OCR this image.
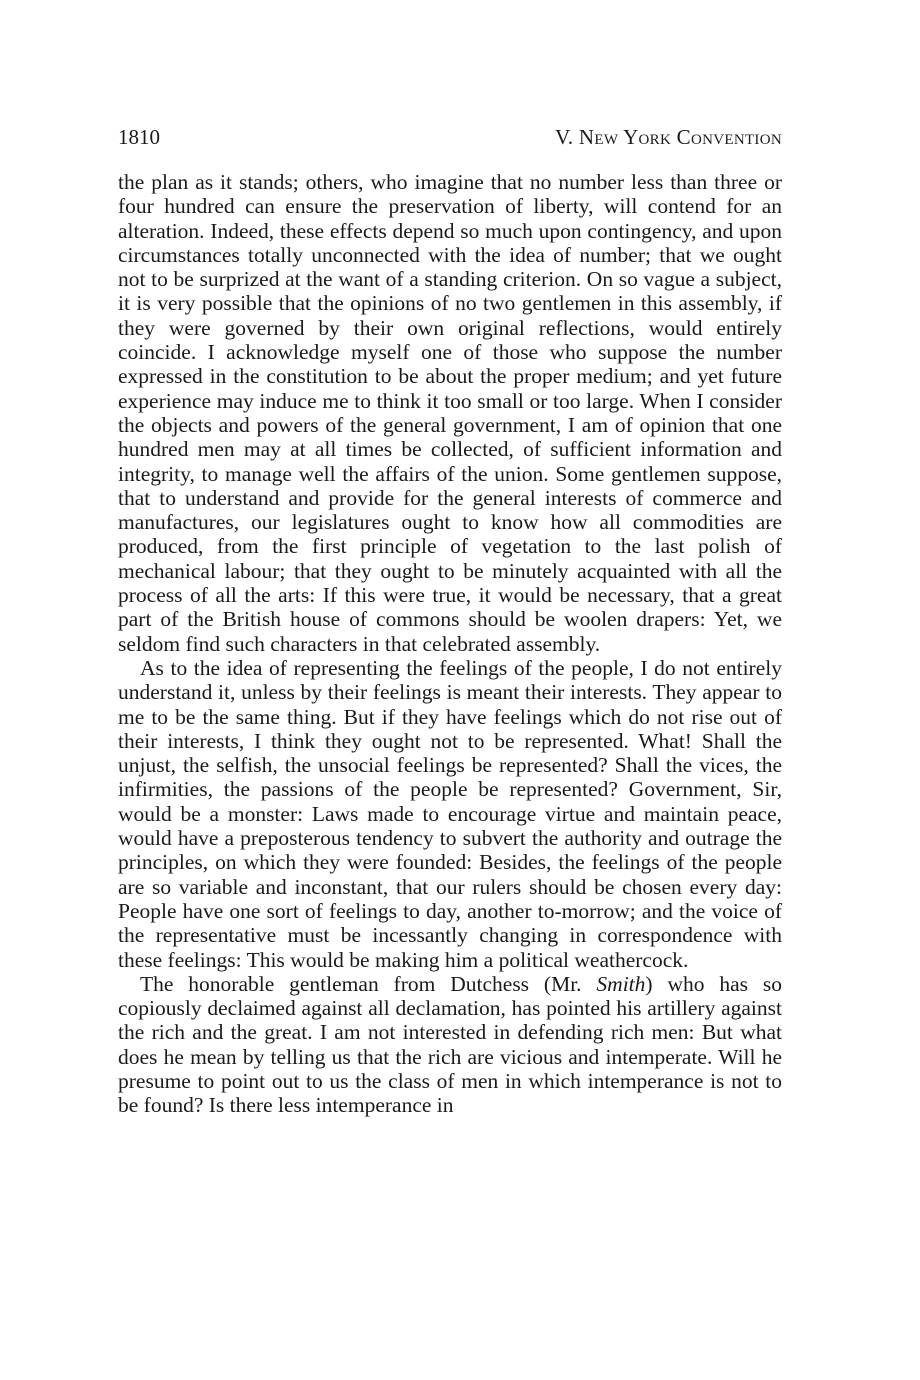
1810	V. New York Convention

the plan as it stands; others, who imagine that no number less than three or four hundred can ensure the preservation of liberty, will contend for an alteration. Indeed, these effects depend so much upon contingency, and upon circumstances totally unconnected with the idea of number; that we ought not to be surprized at the want of a standing criterion. On so vague a subject, it is very possible that the opinions of no two gentlemen in this assembly, if they were governed by their own original reflections, would entirely coincide. I acknowledge myself one of those who suppose the number expressed in the constitution to be about the proper medium; and yet future experience may induce me to think it too small or too large. When I consider the objects and powers of the general government, I am of opinion that one hundred men may at all times be collected, of sufficient information and integrity, to manage well the affairs of the union. Some gentlemen suppose, that to understand and provide for the general interests of commerce and manufactures, our legislatures ought to know how all commodities are produced, from the first principle of vegetation to the last polish of mechanical labour; that they ought to be minutely acquainted with all the process of all the arts: If this were true, it would be necessary, that a great part of the British house of commons should be woolen drapers: Yet, we seldom find such characters in that celebrated assembly.

As to the idea of representing the feelings of the people, I do not entirely understand it, unless by their feelings is meant their interests. They appear to me to be the same thing. But if they have feelings which do not rise out of their interests, I think they ought not to be represented. What! Shall the unjust, the selfish, the unsocial feelings be represented? Shall the vices, the infirmities, the passions of the people be represented? Government, Sir, would be a monster: Laws made to encourage virtue and maintain peace, would have a preposterous tendency to subvert the authority and outrage the principles, on which they were founded: Besides, the feelings of the people are so variable and inconstant, that our rulers should be chosen every day: People have one sort of feelings to day, another to-morrow; and the voice of the representative must be incessantly changing in correspondence with these feelings: This would be making him a political weathercock.

The honorable gentleman from Dutchess (Mr. Smith) who has so copiously declaimed against all declamation, has pointed his artillery against the rich and the great. I am not interested in defending rich men: But what does he mean by telling us that the rich are vicious and intemperate. Will he presume to point out to us the class of men in which intemperance is not to be found? Is there less intemperance in
